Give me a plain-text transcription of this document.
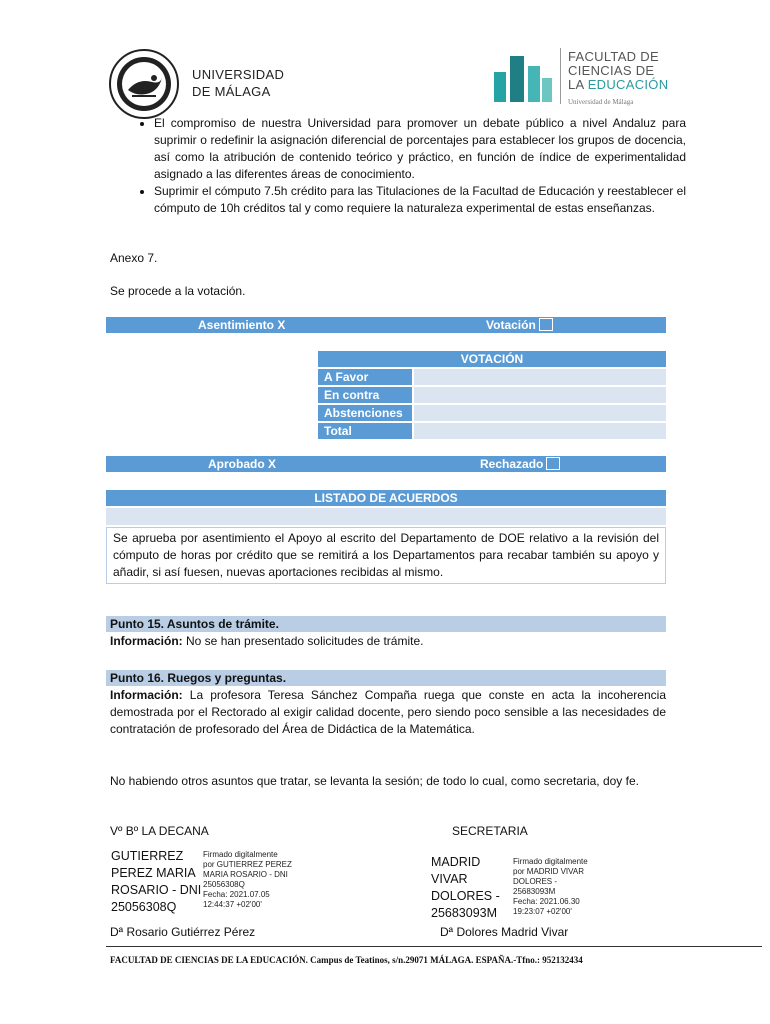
UNIVERSIDAD
DE MÁLAGA
FACULTAD DE
CIENCIAS DE
LA EDUCACIÓN
Universidad de Málaga
• El compromiso de nuestra Universidad para promover un debate público a nivel Andaluz para suprimir o redefinir la asignación diferencial de porcentajes para establecer los grupos de docencia, así como la atribución de contenido teórico y práctico, en función de índice de experimentalidad asignado a las diferentes áreas de conocimiento.
• Suprimir el cómputo 7.5h crédito para las Titulaciones de la Facultad de Educación y reestablecer el cómputo de 10h créditos tal y como requiere la naturaleza experimental de estas enseñanzas.
Anexo 7.
Se procede a la votación.
Asentimiento X	Votación
VOTACIÓN
A Favor
En contra
Abstenciones
Total
Aprobado X	Rechazado
LISTADO DE ACUERDOS
Se aprueba por asentimiento el Apoyo al escrito del Departamento de DOE relativo a la revisión del cómputo de horas por crédito que se remitirá a los Departamentos para recabar también su apoyo y añadir, si así fuesen, nuevas aportaciones recibidas al mismo.
Punto 15. Asuntos de trámite.
Información: No se han presentado solicitudes de trámite.
Punto 16. Ruegos y preguntas.
Información: La profesora Teresa Sánchez Compaña ruega que conste en acta la incoherencia demostrada por el Rectorado al exigir calidad docente, pero siendo poco sensible a las necesidades de contratación de profesorado del Área de Didáctica de la Matemática.
No habiendo otros asuntos que tratar, se levanta la sesión; de todo lo cual, como secretaria, doy fe.
Vº Bº LA DECANA	SECRETARIA
GUTIERREZ
PEREZ MARIA
ROSARIO - DNI
25056308Q
Firmado digitalmente
por GUTIERREZ PEREZ
MARIA ROSARIO - DNI
25056308Q
Fecha: 2021.07.05
12:44:37 +02'00'
MADRID
VIVAR
DOLORES -
25683093M
Firmado digitalmente
por MADRID VIVAR
DOLORES -
25683093M
Fecha: 2021.06.30
19:23:07 +02'00'
Dª Rosario Gutiérrez Pérez	Dª Dolores Madrid Vivar
FACULTAD DE CIENCIAS DE LA EDUCACIÓN. Campus de Teatinos, s/n.29071 MÁLAGA. ESPAÑA.-Tfno.: 952132434
